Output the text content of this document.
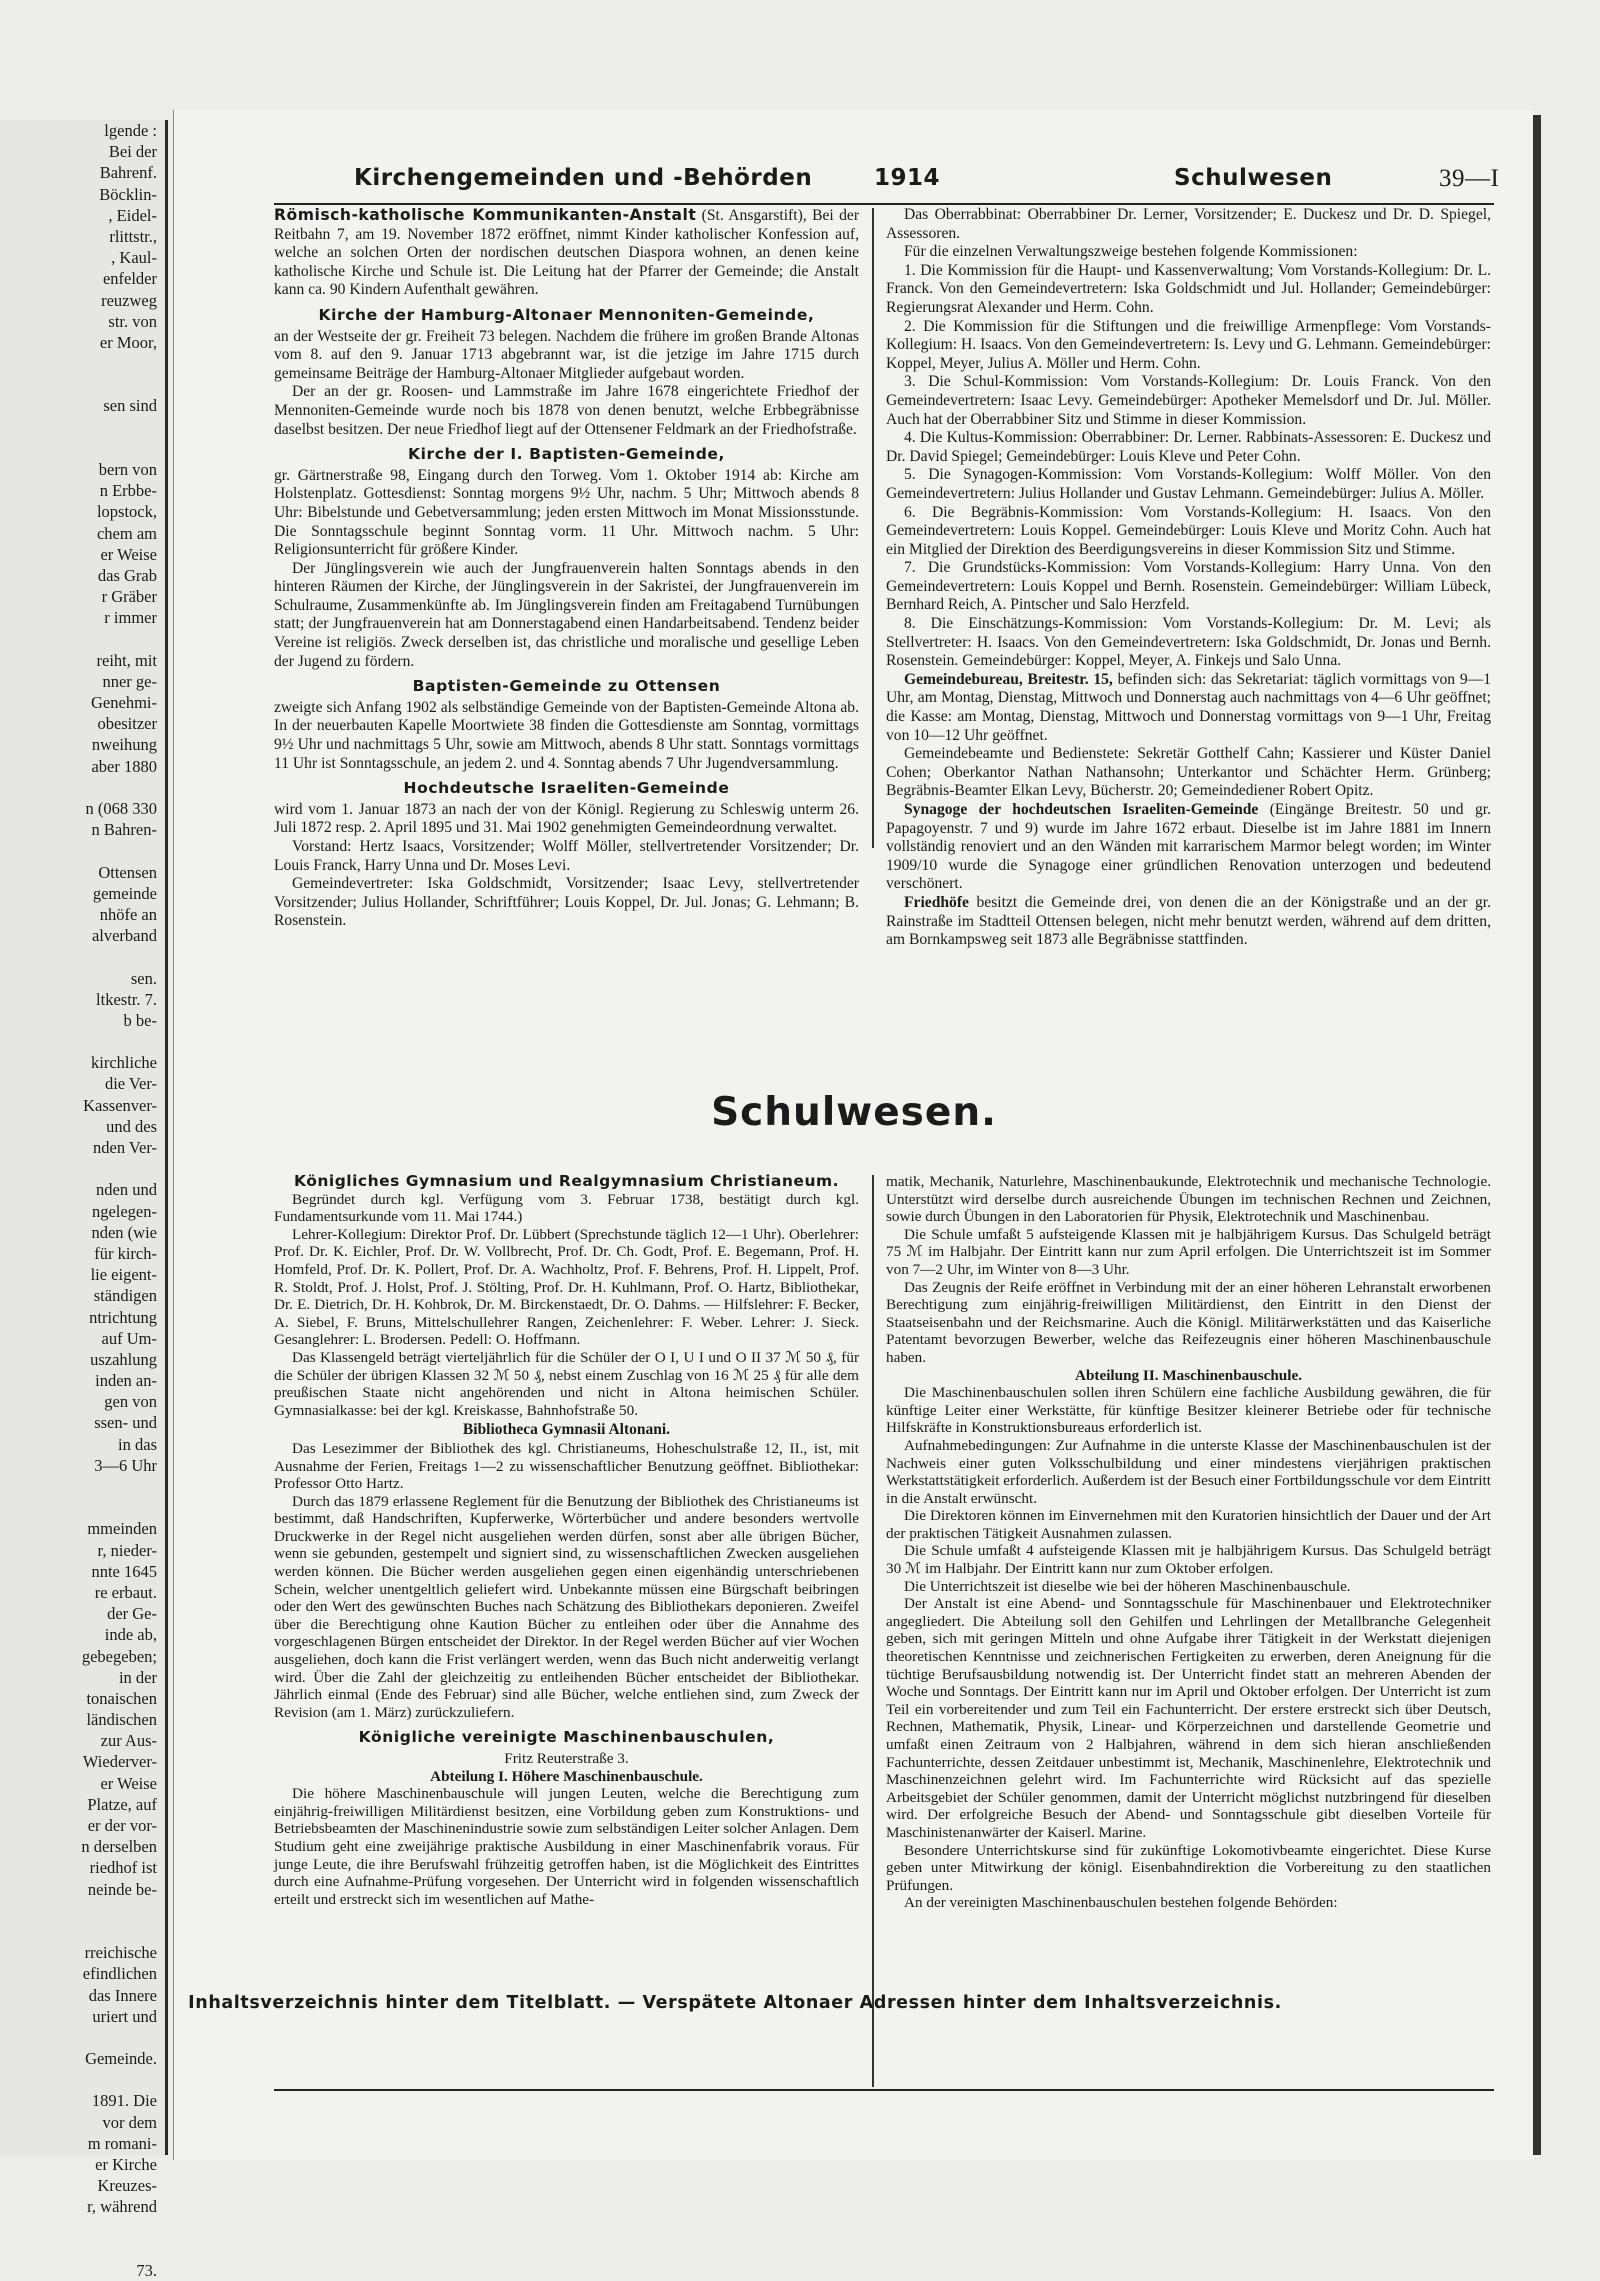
lgende :
Bei der
Bahrenf.
Böcklin-
, Eidel-
rlittstr.,
, Kaul-
enfelder
reuzweg
str. von
er Moor,
sen sind
bern von
n Erbbe-
lopstock,
chem am
er Weise
das Grab
r Gräber
r immer
reiht, mit
nner ge-
Genehmi-
obesitzer
nweihung
aber 1880
n (068 330
n Bahren-
Ottensen
gemeinde
nhöfe an
alverband
sen.
ltkestr. 7.
b be-
kirchliche
die Ver-
Kassenver-
und des
nden Ver-
nden und
ngelegen-
nden (wie
für kirch-
lie eigent-
ständigen
ntrichtung
auf Um-
uszahlung
inden an-
gen von
ssen- und
in das
3—6 Uhr
mmeinden
r, nieder-
nnte 1645
re erbaut.
der Ge-
inde ab,
gebegeben;
in der
tonaischen
ländischen
zur Aus-
Wiederver-
er Weise
Platze, auf
er der vor-
n derselben
riedhof ist
neinde be-
rreichische
efindlichen
das Innere
uriert und
Gemeinde.
1891. Die
vor dem
m romani-
er Kirche
Kreuzes-
r, während
73.
Kirchengemeinden und -Behörden	1914	Schulwesen	39—I

Römisch-katholische Kommunikanten-Anstalt (St. Ansgarstift), Bei der Reitbahn 7, am 19. November 1872 eröffnet, nimmt Kinder katholischer Konfession auf, welche an solchen Orten der nordischen deutschen Diaspora wohnen, an denen keine katholische Kirche und Schule ist. Die Leitung hat der Pfarrer der Gemeinde; die Anstalt kann ca. 90 Kindern Aufenthalt gewähren.

Kirche der Hamburg-Altonaer Mennoniten-Gemeinde,

an der Westseite der gr. Freiheit 73 belegen. Nachdem die frühere im großen Brande Altonas vom 8. auf den 9. Januar 1713 abgebrannt war, ist die jetzige im Jahre 1715 durch gemeinsame Beiträge der Hamburg-Altonaer Mitglieder aufgebaut worden.

Der an der gr. Roosen- und Lammstraße im Jahre 1678 eingerichtete Friedhof der Mennoniten-Gemeinde wurde noch bis 1878 von denen benutzt, welche Erbbegräbnisse daselbst besitzen. Der neue Friedhof liegt auf der Ottensener Feldmark an der Friedhofstraße.

Kirche der I. Baptisten-Gemeinde,

gr. Gärtnerstraße 98, Eingang durch den Torweg. Vom 1. Oktober 1914 ab: Kirche am Holstenplatz. Gottesdienst: Sonntag morgens 9½ Uhr, nachm. 5 Uhr; Mittwoch abends 8 Uhr: Bibelstunde und Gebetversammlung; jeden ersten Mittwoch im Monat Missionsstunde. Die Sonntagsschule beginnt Sonntag vorm. 11 Uhr. Mittwoch nachm. 5 Uhr: Religionsunterricht für größere Kinder.

Der Jünglingsverein wie auch der Jungfrauenverein halten Sonntags abends in den hinteren Räumen der Kirche, der Jünglingsverein in der Sakristei, der Jungfrauenverein im Schulraume, Zusammenkünfte ab. Im Jünglingsverein finden am Freitagabend Turnübungen statt; der Jungfrauenverein hat am Donnerstagabend einen Handarbeitsabend. Tendenz beider Vereine ist religiös. Zweck derselben ist, das christliche und moralische und gesellige Leben der Jugend zu fördern.

Baptisten-Gemeinde zu Ottensen

zweigte sich Anfang 1902 als selbständige Gemeinde von der Baptisten-Gemeinde Altona ab. In der neuerbauten Kapelle Moortwiete 38 finden die Gottesdienste am Sonntag, vormittags 9½ Uhr und nachmittags 5 Uhr, sowie am Mittwoch, abends 8 Uhr statt. Sonntags vormittags 11 Uhr ist Sonntagsschule, an jedem 2. und 4. Sonntag abends 7 Uhr Jugendversammlung.

Hochdeutsche Israeliten-Gemeinde

wird vom 1. Januar 1873 an nach der von der Königl. Regierung zu Schleswig unterm 26. Juli 1872 resp. 2. April 1895 und 31. Mai 1902 genehmigten Gemeindeordnung verwaltet.

Vorstand: Hertz Isaacs, Vorsitzender; Wolff Möller, stellvertretender Vorsitzender; Dr. Louis Franck, Harry Unna und Dr. Moses Levi.

Gemeindevertreter: Iska Goldschmidt, Vorsitzender; Isaac Levy, stellvertretender Vorsitzender; Julius Hollander, Schriftführer; Louis Koppel, Dr. Jul. Jonas; G. Lehmann; B. Rosenstein.

Das Oberrabbinat: Oberrabbiner Dr. Lerner, Vorsitzender; E. Duckesz und Dr. D. Spiegel, Assessoren.

Für die einzelnen Verwaltungszweige bestehen folgende Kommissionen:

1. Die Kommission für die Haupt- und Kassenverwaltung; Vom Vorstands-Kollegium: Dr. L. Franck. Von den Gemeindevertretern: Iska Goldschmidt und Jul. Hollander; Gemeindebürger: Regierungsrat Alexander und Herm. Cohn.

2. Die Kommission für die Stiftungen und die freiwillige Armenpflege: Vom Vorstands-Kollegium: H. Isaacs. Von den Gemeindevertretern: Is. Levy und G. Lehmann. Gemeindebürger: Koppel, Meyer, Julius A. Möller und Herm. Cohn.

3. Die Schul-Kommission: Vom Vorstands-Kollegium: Dr. Louis Franck. Von den Gemeindevertretern: Isaac Levy. Gemeindebürger: Apotheker Memelsdorf und Dr. Jul. Möller. Auch hat der Oberrabbiner Sitz und Stimme in dieser Kommission.

4. Die Kultus-Kommission: Oberrabbiner: Dr. Lerner. Rabbinats-Assessoren: E. Duckesz und Dr. David Spiegel; Gemeindebürger: Louis Kleve und Peter Cohn.

5. Die Synagogen-Kommission: Vom Vorstands-Kollegium: Wolff Möller. Von den Gemeindevertretern: Julius Hollander und Gustav Lehmann. Gemeindebürger: Julius A. Möller.

6. Die Begräbnis-Kommission: Vom Vorstands-Kollegium: H. Isaacs. Von den Gemeindevertretern: Louis Koppel. Gemeindebürger: Louis Kleve und Moritz Cohn. Auch hat ein Mitglied der Direktion des Beerdigungsvereins in dieser Kommission Sitz und Stimme.

7. Die Grundstücks-Kommission: Vom Vorstands-Kollegium: Harry Unna. Von den Gemeindevertretern: Louis Koppel und Bernh. Rosenstein. Gemeindebürger: William Lübeck, Bernhard Reich, A. Pintscher und Salo Herzfeld.

8. Die Einschätzungs-Kommission: Vom Vorstands-Kollegium: Dr. M. Levi; als Stellvertreter: H. Isaacs. Von den Gemeindevertretern: Iska Goldschmidt, Dr. Jonas und Bernh. Rosenstein. Gemeindebürger: Koppel, Meyer, A. Finkejs und Salo Unna.

Gemeindebureau, Breitestr. 15, befinden sich: das Sekretariat: täglich vormittags von 9—1 Uhr, am Montag, Dienstag, Mittwoch und Donnerstag auch nachmittags von 4—6 Uhr geöffnet; die Kasse: am Montag, Dienstag, Mittwoch und Donnerstag vormittags von 9—1 Uhr, Freitag von 10—12 Uhr geöffnet.

Gemeindebeamte und Bedienstete: Sekretär Gotthelf Cahn; Kassierer und Küster Daniel Cohen; Oberkantor Nathan Nathansohn; Unterkantor und Schächter Herm. Grünberg; Begräbnis-Beamter Elkan Levy, Bücherstr. 20; Gemeindediener Robert Opitz.

Synagoge der hochdeutschen Israeliten-Gemeinde (Eingänge Breitestr. 50 und gr. Papagoyenstr. 7 und 9) wurde im Jahre 1672 erbaut. Dieselbe ist im Jahre 1881 im Innern vollständig renoviert und an den Wänden mit karrarischem Marmor belegt worden; im Winter 1909/10 wurde die Synagoge einer gründlichen Renovation unterzogen und bedeutend verschönert.

Friedhöfe besitzt die Gemeinde drei, von denen die an der Königstraße und an der gr. Rainstraße im Stadtteil Ottensen belegen, nicht mehr benutzt werden, während auf dem dritten, am Bornkampsweg seit 1873 alle Begräbnisse stattfinden.

Schulwesen.

Königliches Gymnasium und Realgymnasium Christianeum.

Begründet durch kgl. Verfügung vom 3. Februar 1738, bestätigt durch kgl. Fundamentsurkunde vom 11. Mai 1744.)

Lehrer-Kollegium: Direktor Prof. Dr. Lübbert (Sprechstunde täglich 12—1 Uhr). Oberlehrer: Prof. Dr. K. Eichler, Prof. Dr. W. Vollbrecht, Prof. Dr. Ch. Godt, Prof. E. Begemann, Prof. H. Homfeld, Prof. Dr. K. Pollert, Prof. Dr. A. Wachholtz, Prof. F. Behrens, Prof. H. Lippelt, Prof. R. Stoldt, Prof. J. Holst, Prof. J. Stölting, Prof. Dr. H. Kuhlmann, Prof. O. Hartz, Bibliothekar, Dr. E. Dietrich, Dr. H. Kohbrok, Dr. M. Birckenstaedt, Dr. O. Dahms. — Hilfslehrer: F. Becker, A. Siebel, F. Bruns, Mittelschullehrer Rangen, Zeichenlehrer: F. Weber. Lehrer: J. Sieck. Gesanglehrer: L. Brodersen. Pedell: O. Hoffmann.

Das Klassengeld beträgt vierteljährlich für die Schüler der O I, U I und O II 37 ℳ 50 ₰, für die Schüler der übrigen Klassen 32 ℳ 50 ₰, nebst einem Zuschlag von 16 ℳ 25 ₰ für alle dem preußischen Staate nicht angehörenden und nicht in Altona heimischen Schüler. Gymnasialkasse: bei der kgl. Kreiskasse, Bahnhofstraße 50.

Bibliotheca Gymnasii Altonani.

Das Lesezimmer der Bibliothek des kgl. Christianeums, Hoheschulstraße 12, II., ist, mit Ausnahme der Ferien, Freitags 1—2 zu wissenschaftlicher Benutzung geöffnet. Bibliothekar: Professor Otto Hartz.

Durch das 1879 erlassene Reglement für die Benutzung der Bibliothek des Christianeums ist bestimmt, daß Handschriften, Kupferwerke, Wörterbücher und andere besonders wertvolle Druckwerke in der Regel nicht ausgeliehen werden dürfen, sonst aber alle übrigen Bücher, wenn sie gebunden, gestempelt und signiert sind, zu wissenschaftlichen Zwecken ausgeliehen werden können. Die Bücher werden ausgeliehen gegen einen eigenhändig unterschriebenen Schein, welcher unentgeltlich geliefert wird. Unbekannte müssen eine Bürgschaft beibringen oder den Wert des gewünschten Buches nach Schätzung des Bibliothekars deponieren. Zweifel über die Berechtigung ohne Kaution Bücher zu entleihen oder über die Annahme des vorgeschlagenen Bürgen entscheidet der Direktor. In der Regel werden Bücher auf vier Wochen ausgeliehen, doch kann die Frist verlängert werden, wenn das Buch nicht anderweitig verlangt wird. Über die Zahl der gleichzeitig zu entleihenden Bücher entscheidet der Bibliothekar. Jährlich einmal (Ende des Februar) sind alle Bücher, welche entliehen sind, zum Zweck der Revision (am 1. März) zurückzuliefern.

Königliche vereinigte Maschinenbauschulen,

Fritz Reuterstraße 3.

Abteilung I. Höhere Maschinenbauschule.

Die höhere Maschinenbauschule will jungen Leuten, welche die Berechtigung zum einjährig-freiwilligen Militärdienst besitzen, eine Vorbildung geben zum Konstruktions- und Betriebsbeamten der Maschinenindustrie sowie zum selbständigen Leiter solcher Anlagen. Dem Studium geht eine zweijährige praktische Ausbildung in einer Maschinenfabrik voraus. Für junge Leute, die ihre Berufswahl frühzeitig getroffen haben, ist die Möglichkeit des Eintrittes durch eine Aufnahme-Prüfung vorgesehen. Der Unterricht wird in folgenden wissenschaftlich erteilt und erstreckt sich im wesentlichen auf Mathe-

matik, Mechanik, Naturlehre, Maschinenbaukunde, Elektrotechnik und mechanische Technologie. Unterstützt wird derselbe durch ausreichende Übungen im technischen Rechnen und Zeichnen, sowie durch Übungen in den Laboratorien für Physik, Elektrotechnik und Maschinenbau.

Die Schule umfaßt 5 aufsteigende Klassen mit je halbjährigem Kursus. Das Schulgeld beträgt 75 ℳ im Halbjahr. Der Eintritt kann nur zum April erfolgen. Die Unterrichtszeit ist im Sommer von 7—2 Uhr, im Winter von 8—3 Uhr.

Das Zeugnis der Reife eröffnet in Verbindung mit der an einer höheren Lehranstalt erworbenen Berechtigung zum einjährig-freiwilligen Militärdienst, den Eintritt in den Dienst der Staatseisenbahn und der Reichsmarine. Auch die Königl. Militärwerkstätten und das Kaiserliche Patentamt bevorzugen Bewerber, welche das Reifezeugnis einer höheren Maschinenbauschule haben.

Abteilung II. Maschinenbauschule.

Die Maschinenbauschulen sollen ihren Schülern eine fachliche Ausbildung gewähren, die für künftige Leiter einer Werkstätte, für künftige Besitzer kleinerer Betriebe oder für technische Hilfskräfte in Konstruktionsbureaus erforderlich ist.

Aufnahmebedingungen: Zur Aufnahme in die unterste Klasse der Maschinenbauschulen ist der Nachweis einer guten Volksschulbildung und einer mindestens vierjährigen praktischen Werkstattstätigkeit erforderlich. Außerdem ist der Besuch einer Fortbildungsschule vor dem Eintritt in die Anstalt erwünscht.

Die Direktoren können im Einvernehmen mit den Kuratorien hinsichtlich der Dauer und der Art der praktischen Tätigkeit Ausnahmen zulassen.

Die Schule umfaßt 4 aufsteigende Klassen mit je halbjährigem Kursus. Das Schulgeld beträgt 30 ℳ im Halbjahr. Der Eintritt kann nur zum Oktober erfolgen.

Die Unterrichtszeit ist dieselbe wie bei der höheren Maschinenbauschule.

Der Anstalt ist eine Abend- und Sonntagsschule für Maschinenbauer und Elektrotechniker angegliedert. Die Abteilung soll den Gehilfen und Lehrlingen der Metallbranche Gelegenheit geben, sich mit geringen Mitteln und ohne Aufgabe ihrer Tätigkeit in der Werkstatt diejenigen theoretischen Kenntnisse und zeichnerischen Fertigkeiten zu erwerben, deren Aneignung für die tüchtige Berufsausbildung notwendig ist. Der Unterricht findet statt an mehreren Abenden der Woche und Sonntags. Der Eintritt kann nur im April und Oktober erfolgen. Der Unterricht ist zum Teil ein vorbereitender und zum Teil ein Fachunterricht. Der erstere erstreckt sich über Deutsch, Rechnen, Mathematik, Physik, Linear- und Körperzeichnen und darstellende Geometrie und umfaßt einen Zeitraum von 2 Halbjahren, während in dem sich hieran anschließenden Fachunterrichte, dessen Zeitdauer unbestimmt ist, Mechanik, Maschinenlehre, Elektrotechnik und Maschinenzeichnen gelehrt wird. Im Fachunterrichte wird Rücksicht auf das spezielle Arbeitsgebiet der Schüler genommen, damit der Unterricht möglichst nutzbringend für dieselben wird. Der erfolgreiche Besuch der Abend- und Sonntagsschule gibt dieselben Vorteile für Maschinistenanwärter der Kaiserl. Marine.

Besondere Unterrichtskurse sind für zukünftige Lokomotivbeamte eingerichtet. Diese Kurse geben unter Mitwirkung der königl. Eisenbahndirektion die Vorbereitung zu den staatlichen Prüfungen.

An der vereinigten Maschinenbauschulen bestehen folgende Behörden:

Inhaltsverzeichnis hinter dem Titelblatt. — Verspätete Altonaer Adressen hinter dem Inhaltsverzeichnis.
